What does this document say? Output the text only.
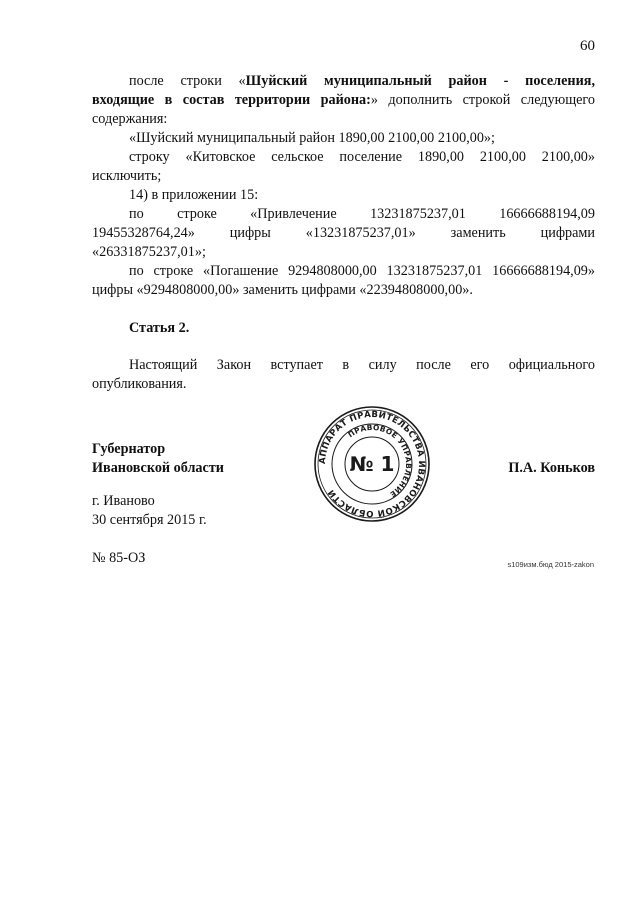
60

после строки «Шуйский муниципальный район - поселения,

входящие в состав территории района:» дополнить строкой следующего

содержания:

«Шуйский муниципальный район 1890,00 2100,00 2100,00»;

строку «Китовское сельское поселение 1890,00 2100,00 2100,00»

исключить;

14) в приложении 15:

по строке «Привлечение 13231875237,01 16666688194,09

19455328764,24» цифры «13231875237,01» заменить цифрами

«26331875237,01»;

по строке «Погашение 9294808000,00 13231875237,01 16666688194,09»

цифры «9294808000,00» заменить цифрами «22394808000,00».

Статья 2.

Настоящий Закон вступает в силу после его официального

опубликования.

Губернатор
Ивановской области	П.А. Коньков
г. Иваново
30 сентября 2015 г.
№ 85-ОЗ	s109изм.бюд 2015-zakon
АППАРАТ ПРАВИТЕЛЬСТВА ИВАНОВСКОЙ ОБЛАСТИ
ПРАВОВОЕ УПРАВЛЕНИЕ
№ 1
